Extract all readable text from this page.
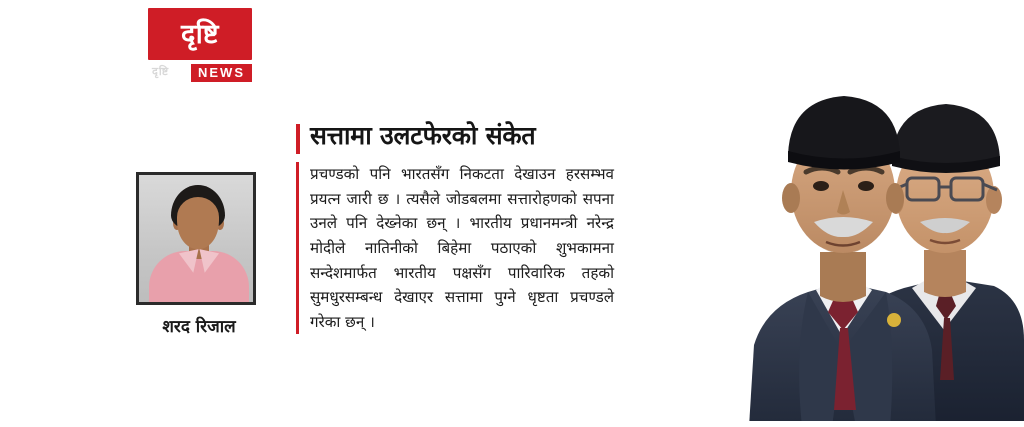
दृष्टि
NEWS
दृष्टि
शरद रिजाल
सत्तामा उलटफेरको संकेत
प्रचण्डको पनि भारतसँग निकटता देखाउन हरसम्भव प्रयत्न जारी छ । त्यसैले जोडबलमा सत्तारोहणको सपना उनले पनि देख्नेका छन् । भारतीय प्रधानमन्त्री नरेन्द्र मोदीले नातिनीको बिहेमा पठाएको शुभकामना सन्देशमार्फत भारतीय पक्षसँग पारिवारिक तहको सुमधुरसम्बन्ध देखाएर सत्तामा पुग्ने धृष्टता प्रचण्डले गरेका छन् ।
